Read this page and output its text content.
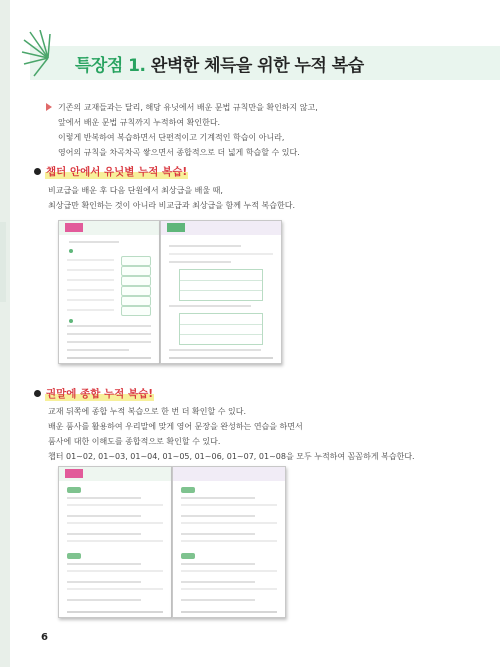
특장점 1. 완벽한 체득을 위한 누적 복습
기존의 교재들과는 달리, 해당 유닛에서 배운 문법 규칙만을 확인하지 않고,
앞에서 배운 문법 규칙까지 누적하여 확인한다.
이렇게 반복하여 복습하면서 단편적이고 기계적인 학습이 아니라,
영어의 규칙을 차곡차곡 쌓으면서 종합적으로 더 넓게 학습할 수 있다.
챕터 안에서 유닛별 누적 복습!
비교급을 배운 후 다음 단원에서 최상급을 배울 때,
최상급만 확인하는 것이 아니라 비교급과 최상급을 함께 누적 복습한다.
권말에 종합 누적 복습!
교재 뒤쪽에 종합 누적 복습으로 한 번 더 확인할 수 있다.
배운 품사를 활용하여 우리말에 맞게 영어 문장을 완성하는 연습을 하면서
품사에 대한 이해도를 종합적으로 확인할 수 있다.
챕터 01~02, 01~03, 01~04, 01~05, 01~06, 01~07, 01~08을 모두 누적하여 꼼꼼하게 복습한다.
6
